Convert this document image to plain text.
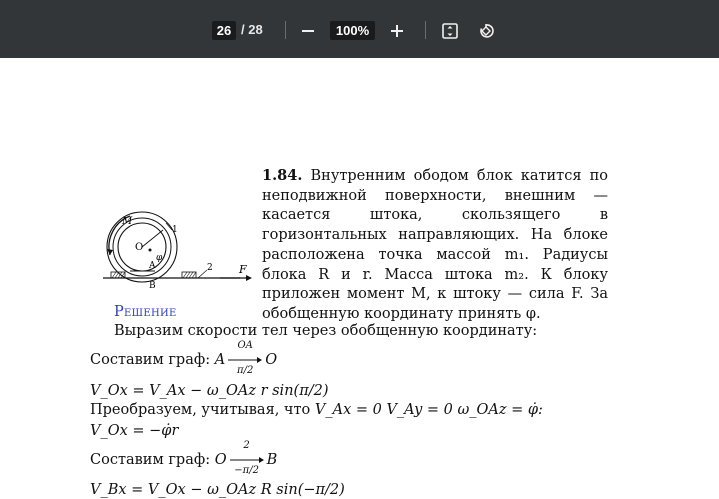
26 / 28	100%
M
1
O
A
φ
2
B
F
1.84. Внутренним ободом блок катится по неподвижной поверхности, внешним — касается штока, скользящего в горизонтальных направляющих. На блоке расположена точка массой m₁. Радиусы блока R и r. Масса штока m₂. К блоку приложен момент M, к штоку — сила F. За обобщенную координату принять φ.
Решение
Выразим скорости тел через обобщенную координату:
Составим граф: A
OA
π/2
O
V_Ox = V_Ax − ω_OAz r sin(π/2)
Преобразуем, учитывая, что V_Ax = 0 V_Ay = 0 ω_OAz = φ̇:
V_Ox = −φ̇r
Составим граф: O
2
−π/2
B
V_Bx = V_Ox − ω_OAz R sin(−π/2)
